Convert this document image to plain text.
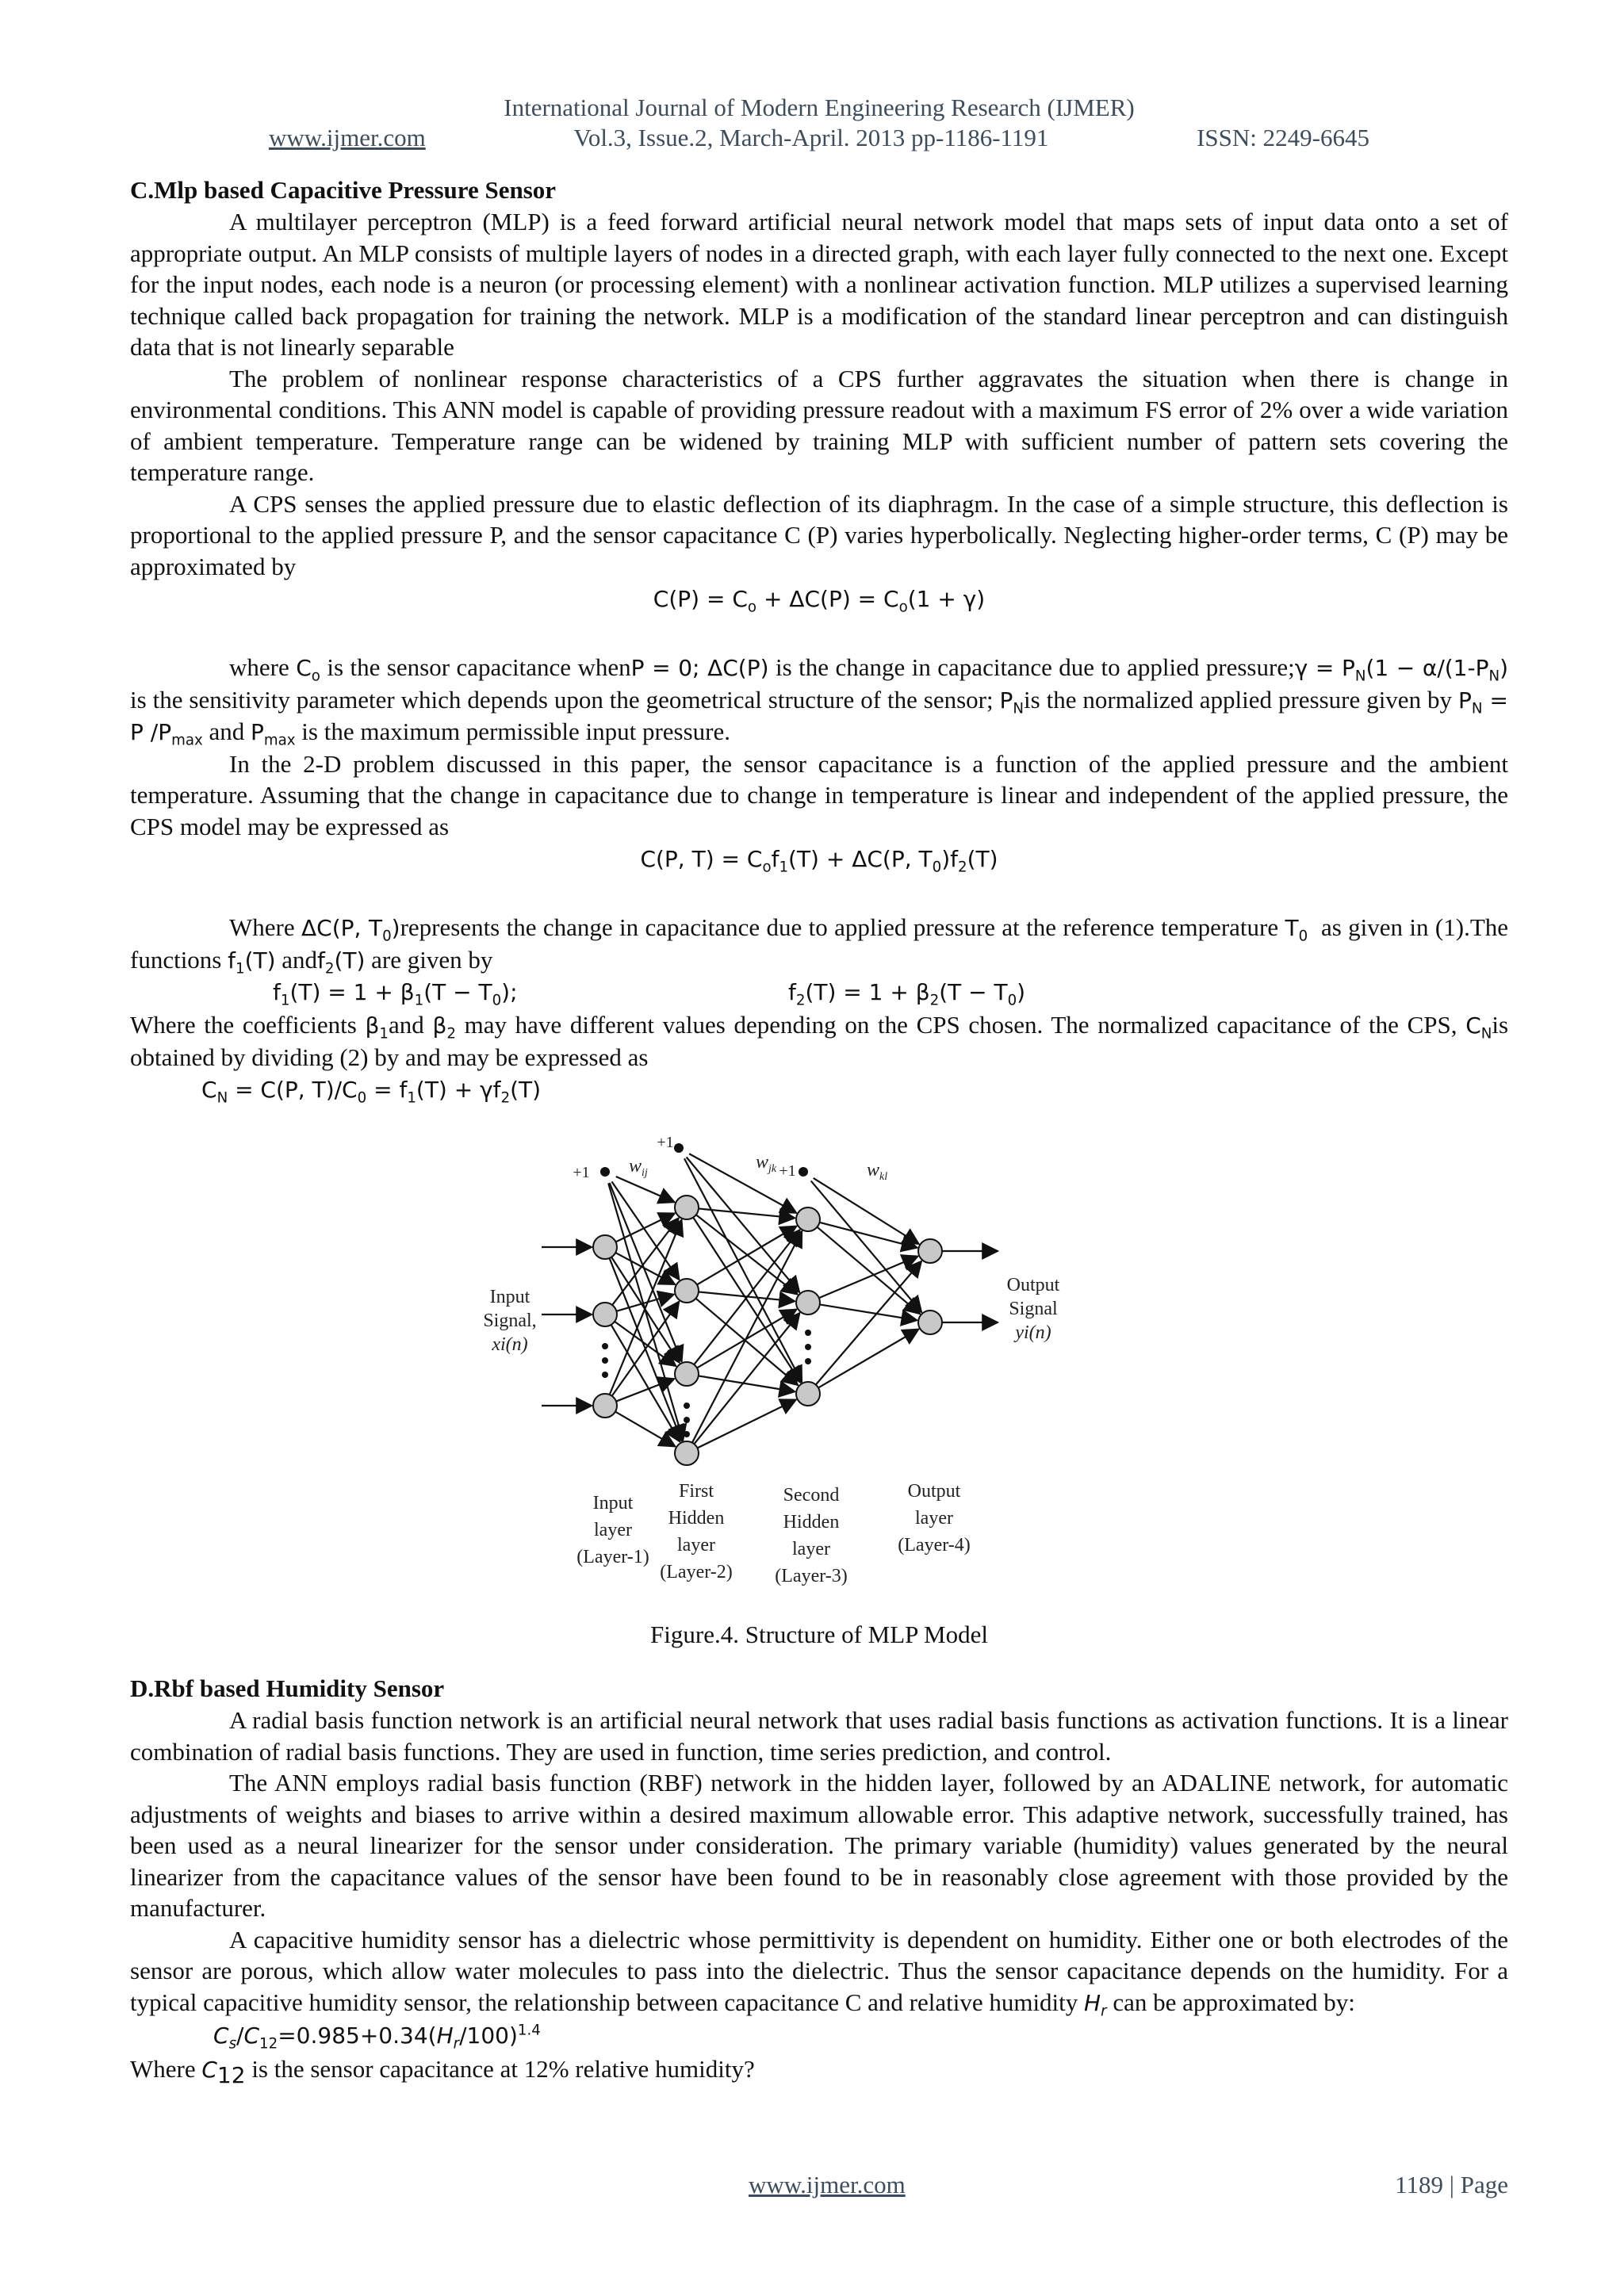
International Journal of Modern Engineering Research (IJMER)
www.ijmer.com	Vol.3, Issue.2, March-April. 2013 pp-1186-1191	ISSN: 2249-6645
C.Mlp based Capacitive Pressure Sensor

A multilayer perceptron (MLP) is a feed forward artificial neural network model that maps sets of input data onto a set of appropriate output. An MLP consists of multiple layers of nodes in a directed graph, with each layer fully connected to the next one. Except for the input nodes, each node is a neuron (or processing element) with a nonlinear activation function. MLP utilizes a supervised learning technique called back propagation for training the network. MLP is a modification of the standard linear perceptron and can distinguish data that is not linearly separable

The problem of nonlinear response characteristics of a CPS further aggravates the situation when there is change in environmental conditions. This ANN model is capable of providing pressure readout with a maximum FS error of 2% over a wide variation of ambient temperature. Temperature range can be widened by training MLP with sufficient number of pattern sets covering the temperature range.

A CPS senses the applied pressure due to elastic deflection of its diaphragm. In the case of a simple structure, this deflection is proportional to the applied pressure P, and the sensor capacitance C (P) varies hyperbolically. Neglecting higher-order terms, C (P) may be approximated by

$C(P) = C_o + \Delta C(P) = C_o(1 + \gamma)$

where $C_o$ is the sensor capacitance whenP = 0; ΔC(P) is the change in capacitance due to applied pressure;γ = $P_N(1 - \alpha/(1-P_N)$ is the sensitivity parameter which depends upon the geometrical structure of the sensor; $P_Nis$ the normalized applied pressure given by $P_N = P$ $/P_{max}$ and $P_{max}$ is the maximum permissible input pressure.

In the 2-D problem discussed in this paper, the sensor capacitance is a function of the applied pressure and the ambient temperature. Assuming that the change in capacitance due to change in temperature is linear and independent of the applied pressure, the CPS model may be expressed as

C(P, $T) = C_of_1(T) + \Delta C(P$, $T_0)f_2(T)$

Where ΔC(P, $T_0)represents$ the change in capacitance due to applied pressure at the reference temperature $T_0$ as given in (1).The functions $f_1(T)$ andf$_2$(T) are given by

$f_1(T) = 1 + \beta_1(T - T_0)$;	$f_2(T) = 1 + \beta_2(T - T_0)$

Where the coefficients $\beta_1and$ $\beta_2$ may have different values depending on the CPS chosen. The normalized capacitance of the CPS, $C_Nis$ obtained by dividing (2) by and may be expressed as

$C_N = C(P$, $T)/C_0 = f_1(T) + \gamma f_2(T)$
+1
+1
+1
$w_{ij}$
$w_{jk}$	$w_{kl}$
Input
Signal,
xi(n)
Output
Signal
yi(n)
Input
layer
(Layer-1)
First
Hidden
layer
(Layer-2)
Second
Hidden
layer
(Layer-3)
Output
layer
(Layer-4)
Figure.4. Structure of MLP Model
D.Rbf based Humidity Sensor

A radial basis function network is an artificial neural network that uses radial basis functions as activation functions. It is a linear combination of radial basis functions. They are used in function, time series prediction, and control.

The ANN employs radial basis function (RBF) network in the hidden layer, followed by an ADALINE network, for automatic adjustments of weights and biases to arrive within a desired maximum allowable error. This adaptive network, successfully trained, has been used as a neural linearizer for the sensor under consideration. The primary variable (humidity) values generated by the neural linearizer from the capacitance values of the sensor have been found to be in reasonably close agreement with those provided by the manufacturer.

A capacitive humidity sensor has a dielectric whose permittivity is dependent on humidity. Either one or both electrodes of the sensor are porous, which allow water molecules to pass into the dielectric. Thus the sensor capacitance depends on the humidity. For a typical capacitive humidity sensor, the relationship between capacitance C and relative humidity $H_r$ can be approximated by:

$C_s/C_{12}=0.985+0.34(H_r/100)^{1.4}$

Where $C_{12}$ is the sensor capacitance at 12% relative humidity?

www.ijmer.com	1189 | Page
